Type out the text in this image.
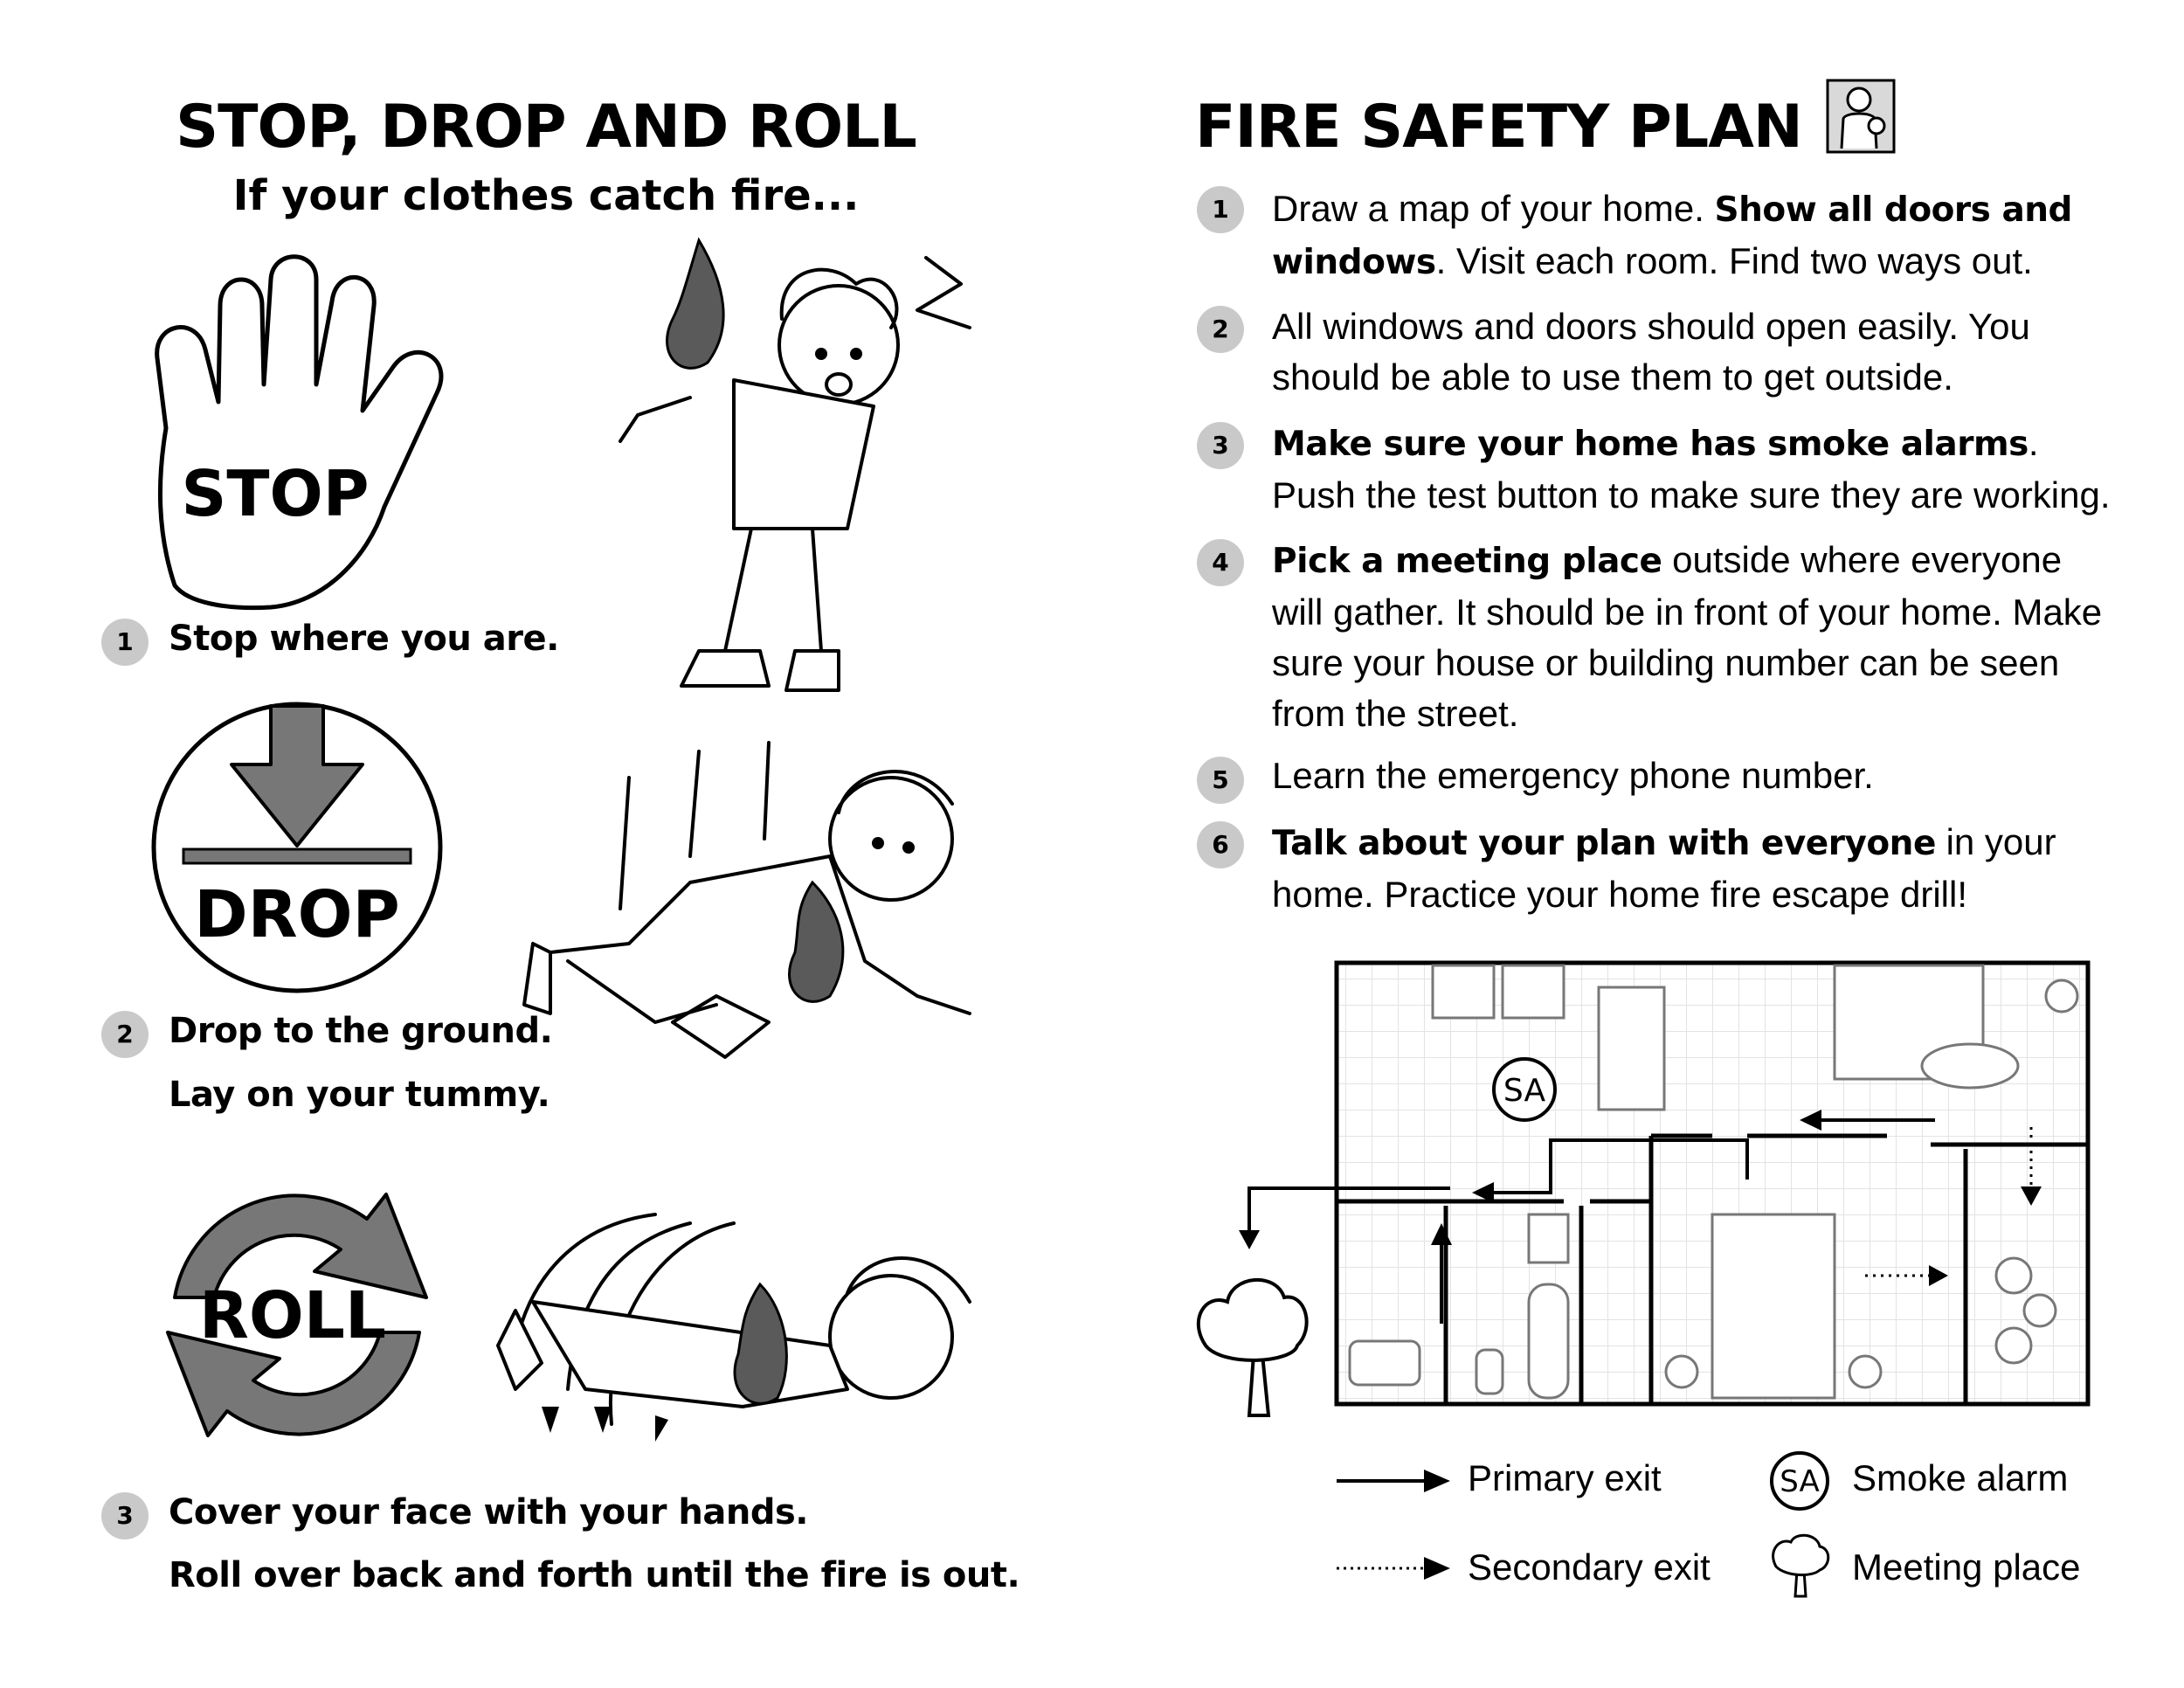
STOP, DROP AND ROLL
If your clothes catch fire...
STOP
DROP
ROLL
1	Stop where you are.
2	Drop to the ground.
Lay on your tummy.
3	Cover your face with your hands.
Roll over back and forth until the fire is out.
FIRE SAFETY PLAN
1	Draw a map of your home. Show all doors and windows. Visit each room. Find two ways out.
2	All windows and doors should open easily. You should be able to use them to get outside.
3	Make sure your home has smoke alarms. Push the test button to make sure they are working.
4	Pick a meeting place outside where everyone will gather. It should be in front of your home. Make sure your house or building number can be seen from the street.
5	Learn the emergency phone number.
6	Talk about your plan with everyone in your home. Practice your home fire escape drill!
SA
Primary exit
Secondary exit
SA Smoke alarm
Meeting place
